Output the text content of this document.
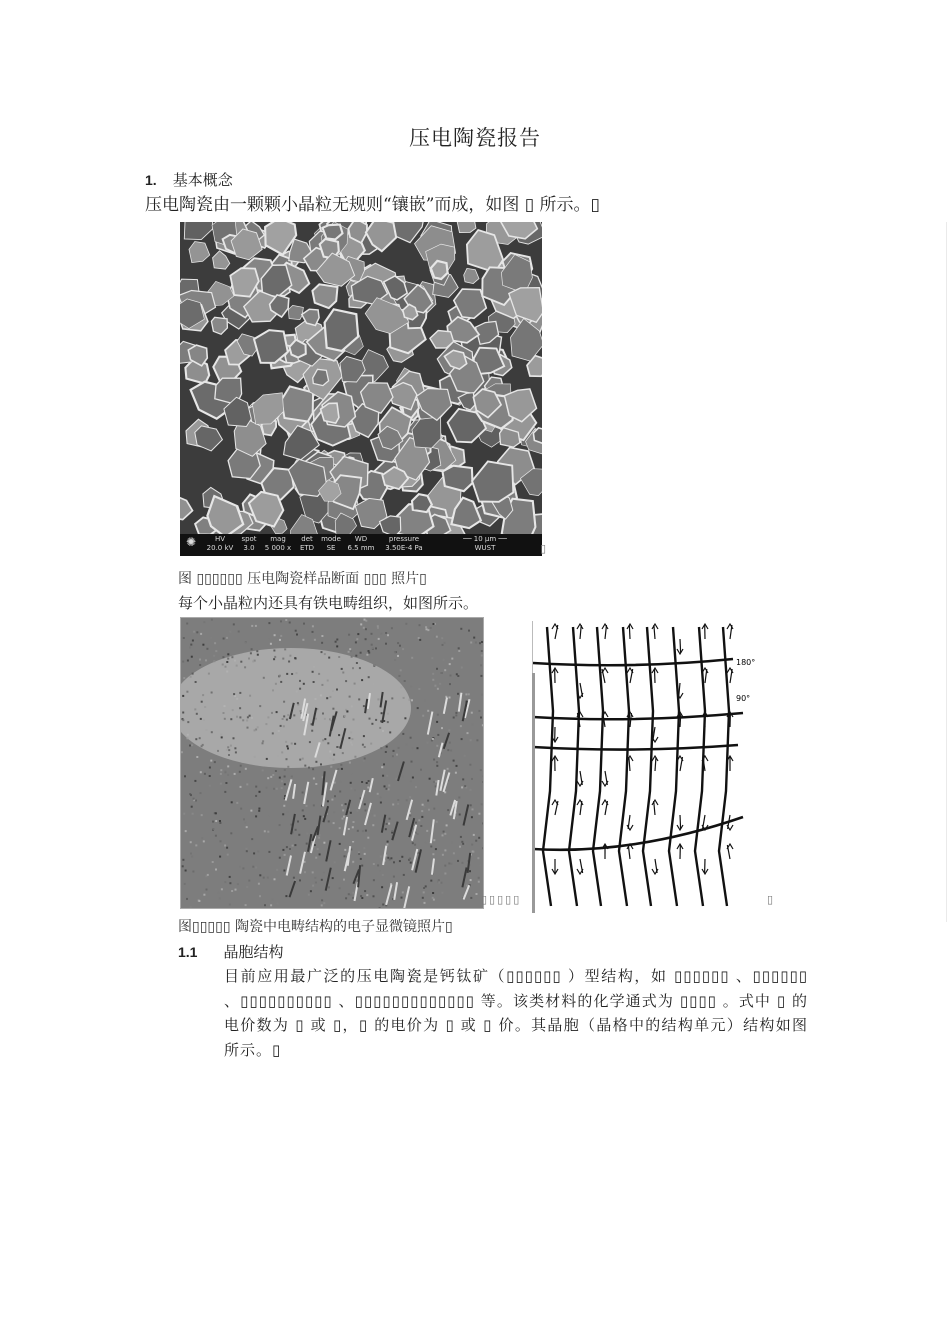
压电陶瓷报告
1. 基本概念
压电陶瓷由一颗颗小晶粒无规则“镶嵌”而成，如图 ▯ 所示。▯
✺	HV
20.0 kV
spot
3.0
mag
5 000 x
det
ETD
mode
SE
WD
6.5 mm
pressure
3.50E-4 Pa
── 10 μm ──
WUST	▯
图 ▯▯▯▯▯▯ 压电陶瓷样品断面 ▯▯▯ 照片▯
每个小晶粒内还具有铁电畴组织，如图所示。
▯▯▯▯▯
180°
90°
▯
图▯▯▯▯▯ 陶瓷中电畴结构的电子显微镜照片▯
1.1 晶胞结构
目前应用最广泛的压电陶瓷是钙钛矿（▯▯▯▯▯▯ ）型结构，如 ▯▯▯▯▯▯ 、▯▯▯▯▯▯ 、▯▯▯▯▯▯▯▯▯▯ 、▯▯▯▯▯▯▯▯▯▯▯▯▯ 等。该类材料的化学通式为 ▯▯▯▯ 。式中 ▯ 的电价数为 ▯ 或 ▯，▯ 的电价为 ▯ 或 ▯ 价。其晶胞（晶格中的结构单元）结构如图所示。▯
